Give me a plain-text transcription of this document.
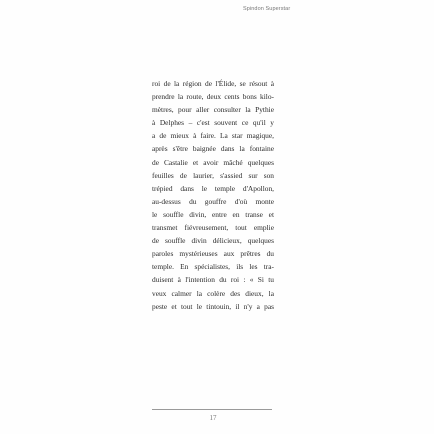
Spindon Superstar
roi de la région de l'Élide, se résout à
prendre la route, deux cents bons kilo-
mètres, pour aller consulter la Pythie
à Delphes – c'est souvent ce qu'il y
a de mieux à faire. La star magique,
après s'être baignée dans la fontaine
de Castalie et avoir mâché quelques
feuilles de laurier, s'assied sur son
trépied dans le temple d'Apollon,
au-dessus du gouffre d'où monte
le souffle divin, entre en transe et
transmet fiévreusement, tout emplie
de souffle divin délicieux, quelques
paroles mystérieuses aux prêtres du
temple. En spécialistes, ils les tra-
duisent à l'intention du roi : « Si tu
veux calmer la colère des dieux, la
peste et tout le tintouin, il n'y a pas
17
